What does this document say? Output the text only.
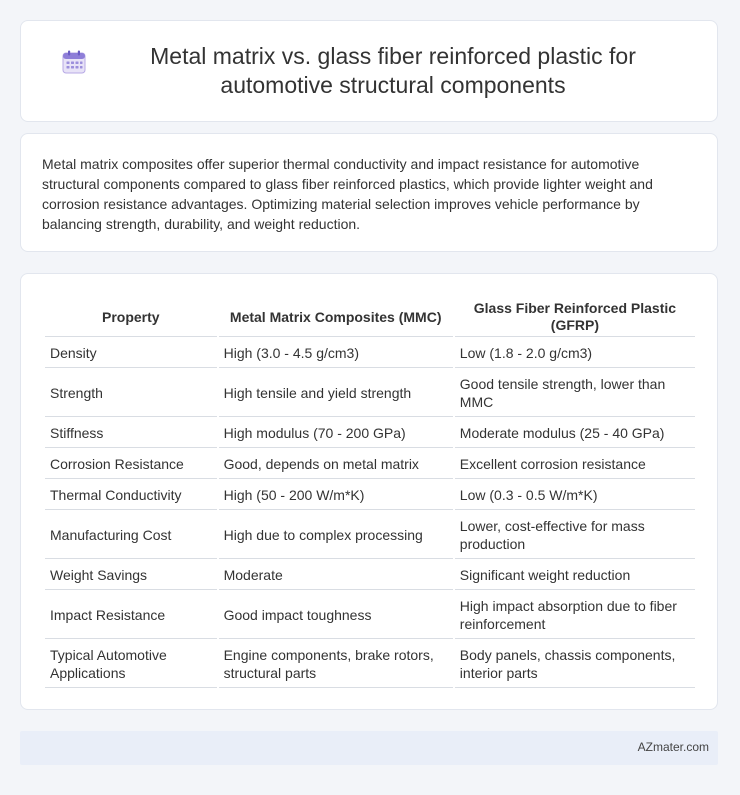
Metal matrix vs. glass fiber reinforced plastic for automotive structural components

Metal matrix composites offer superior thermal conductivity and impact resistance for automotive structural components compared to glass fiber reinforced plastics, which provide lighter weight and corrosion resistance advantages. Optimizing material selection improves vehicle performance by balancing strength, durability, and weight reduction.

Property	Metal Matrix Composites (MMC)	Glass Fiber Reinforced Plastic (GFRP)
Density	High (3.0 - 4.5 g/cm3)	Low (1.8 - 2.0 g/cm3)
Strength	High tensile and yield strength	Good tensile strength, lower than MMC
Stiffness	High modulus (70 - 200 GPa)	Moderate modulus (25 - 40 GPa)
Corrosion Resistance	Good, depends on metal matrix	Excellent corrosion resistance
Thermal Conductivity	High (50 - 200 W/m*K)	Low (0.3 - 0.5 W/m*K)
Manufacturing Cost	High due to complex processing	Lower, cost-effective for mass production
Weight Savings	Moderate	Significant weight reduction
Impact Resistance	Good impact toughness	High impact absorption due to fiber reinforcement
Typical Automotive Applications	Engine components, brake rotors, structural parts	Body panels, chassis components, interior parts
AZmater.com
